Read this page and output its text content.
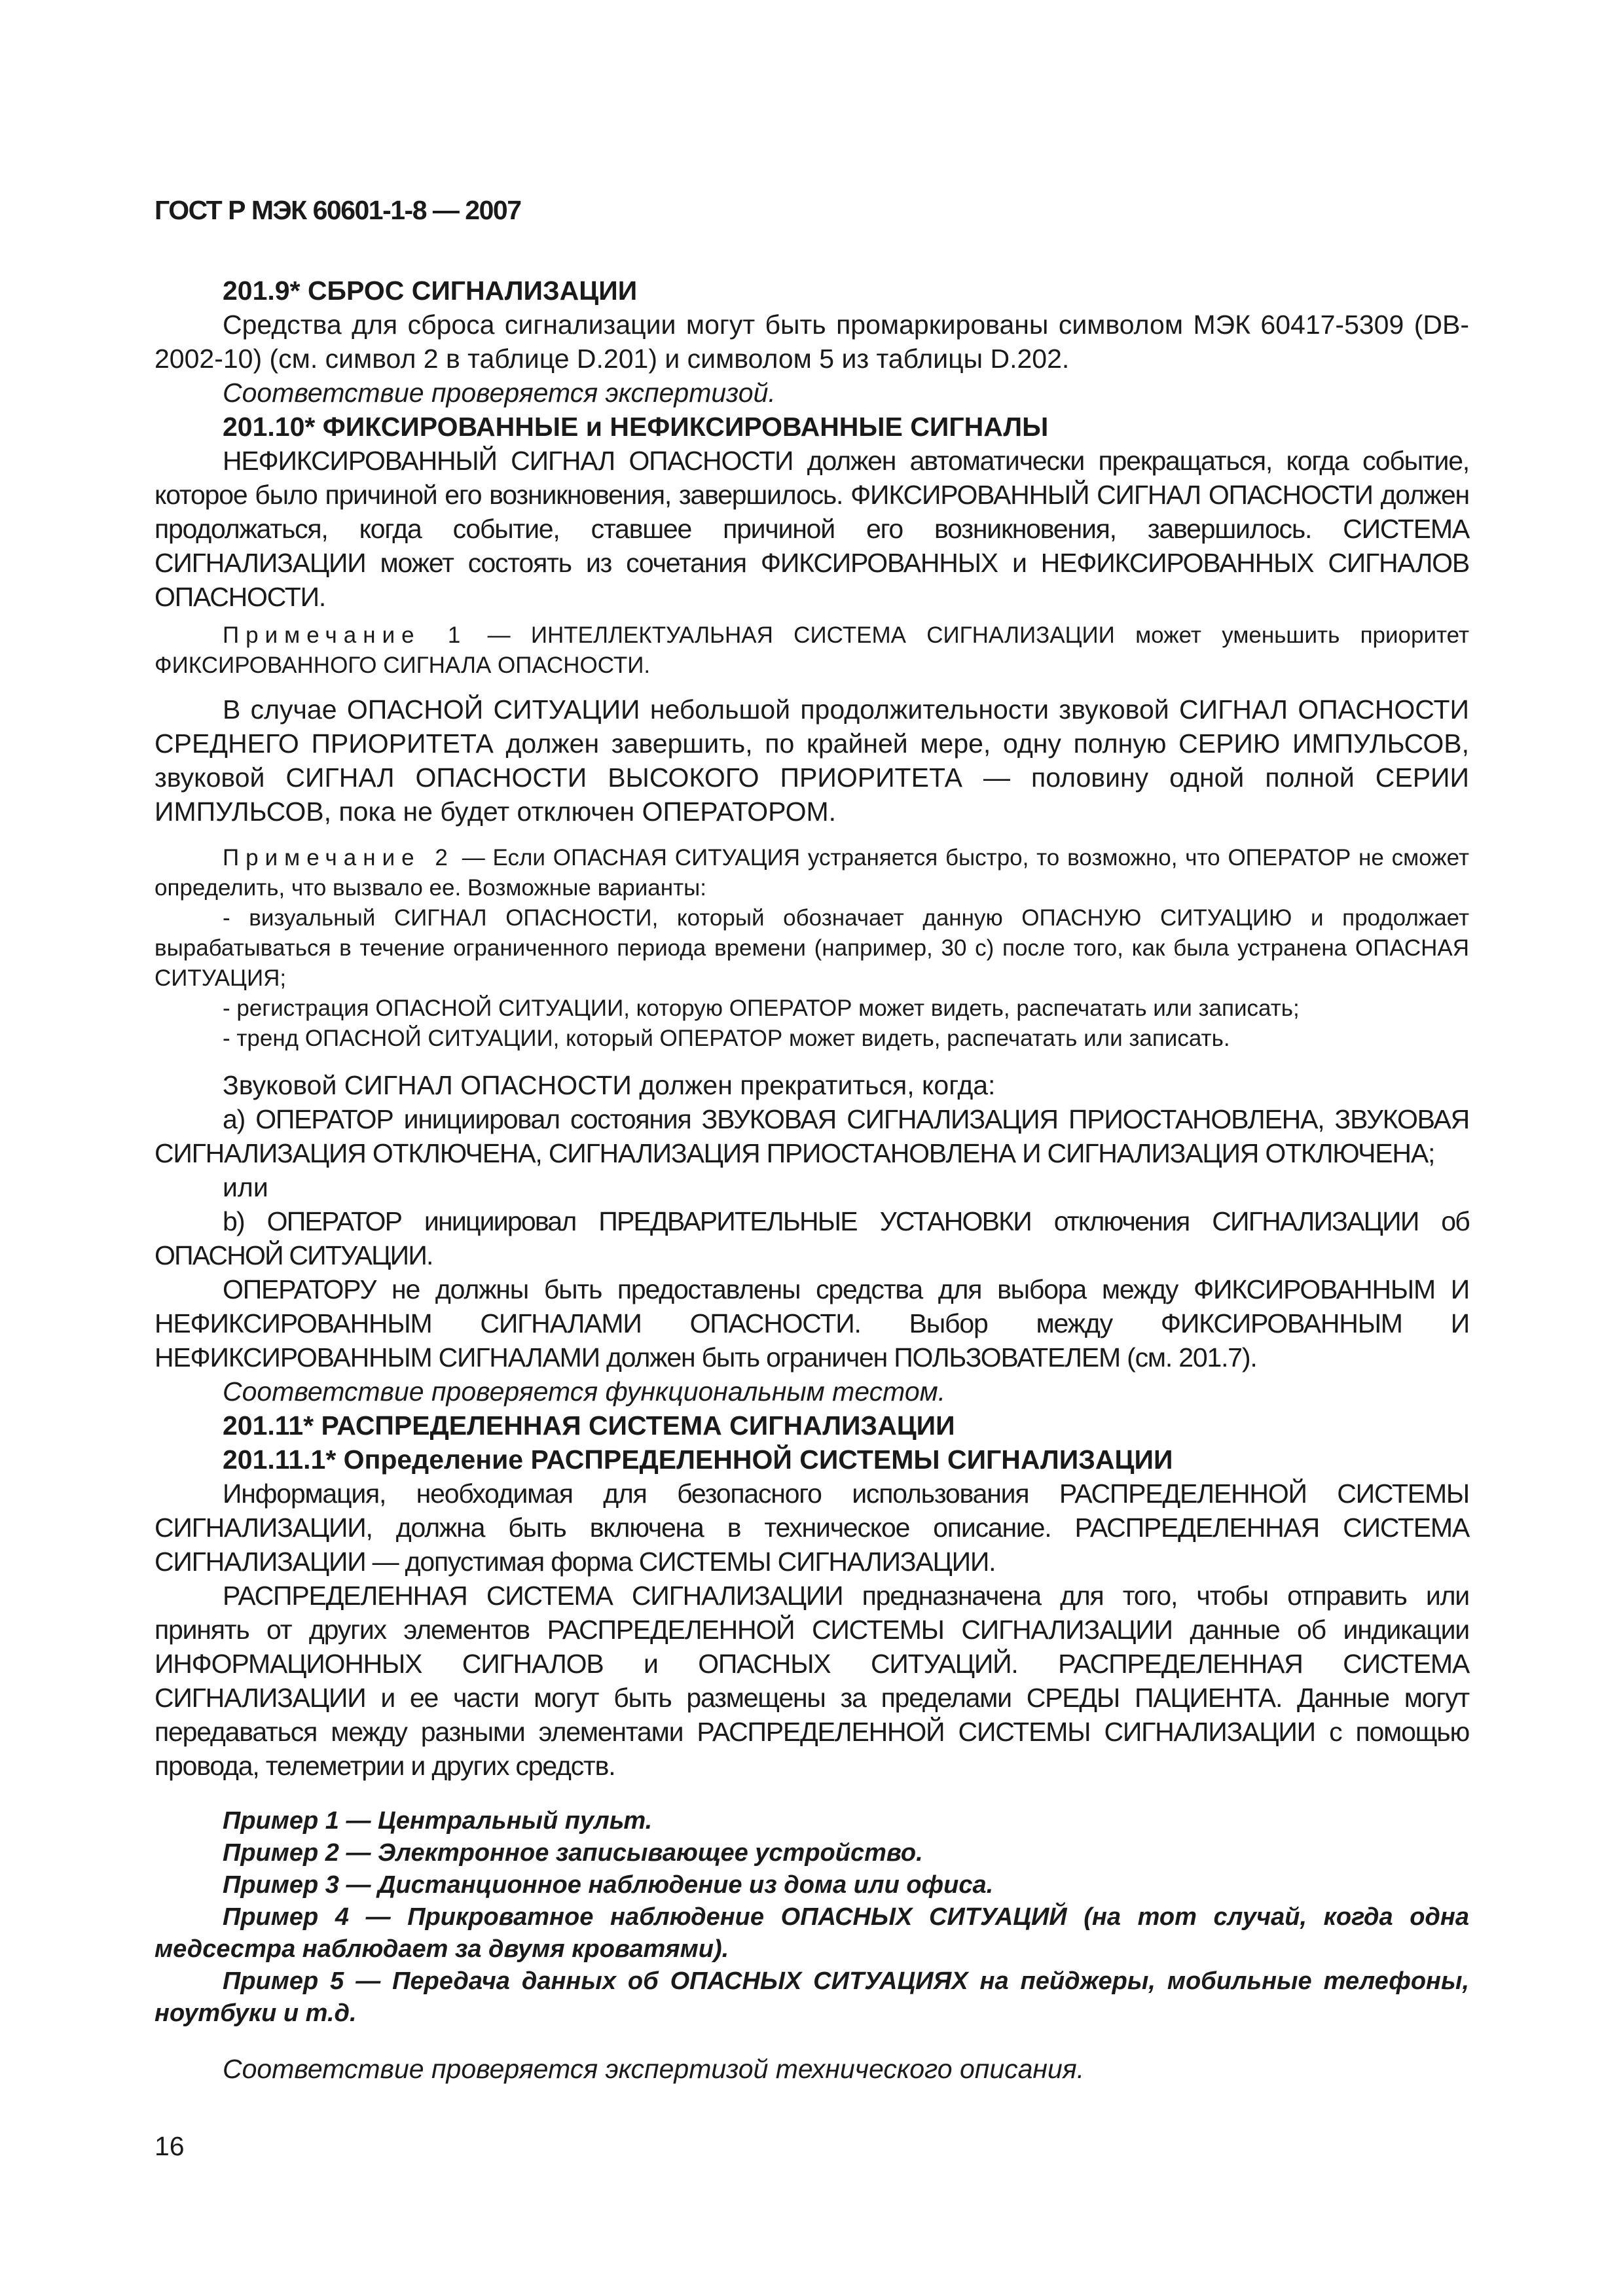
ГОСТ Р МЭК 60601-1-8 — 2007

201.9* СБРОС СИГНАЛИЗАЦИИ

Средства для сброса сигнализации могут быть промаркированы символом МЭК 60417-5309 (DB-2002-10) (см. символ 2 в таблице D.201) и символом 5 из таблицы D.202.

Соответствие проверяется экспертизой.

201.10* ФИКСИРОВАННЫЕ и НЕФИКСИРОВАННЫЕ СИГНАЛЫ

НЕФИКСИРОВАННЫЙ СИГНАЛ ОПАСНОСТИ должен автоматически прекращаться, когда событие, которое было причиной его возникновения, завершилось. ФИКСИРОВАННЫЙ СИГНАЛ ОПАСНОСТИ должен продолжаться, когда событие, ставшее причиной его возникновения, завершилось. СИСТЕМА СИГНАЛИЗАЦИИ может состоять из сочетания ФИКСИРОВАННЫХ и НЕФИКСИРОВАННЫХ СИГНАЛОВ ОПАСНОСТИ.

Примечание 1 — ИНТЕЛЛЕКТУАЛЬНАЯ СИСТЕМА СИГНАЛИЗАЦИИ может уменьшить приоритет ФИКСИРОВАННОГО СИГНАЛА ОПАСНОСТИ.

В случае ОПАСНОЙ СИТУАЦИИ небольшой продолжительности звуковой СИГНАЛ ОПАСНОСТИ СРЕДНЕГО ПРИОРИТЕТА должен завершить, по крайней мере, одну полную СЕРИЮ ИМПУЛЬСОВ, звуковой СИГНАЛ ОПАСНОСТИ ВЫСОКОГО ПРИОРИТЕТА — половину одной полной СЕРИИ ИМПУЛЬСОВ, пока не будет отключен ОПЕРАТОРОМ.

Примечание 2 — Если ОПАСНАЯ СИТУАЦИЯ устраняется быстро, то возможно, что ОПЕРАТОР не сможет определить, что вызвало ее. Возможные варианты:

- визуальный СИГНАЛ ОПАСНОСТИ, который обозначает данную ОПАСНУЮ СИТУАЦИЮ и продолжает вырабатываться в течение ограниченного периода времени (например, 30 с) после того, как была устранена ОПАСНАЯ СИТУАЦИЯ;

- регистрация ОПАСНОЙ СИТУАЦИИ, которую ОПЕРАТОР может видеть, распечатать или записать;

- тренд ОПАСНОЙ СИТУАЦИИ, который ОПЕРАТОР может видеть, распечатать или записать.

Звуковой СИГНАЛ ОПАСНОСТИ должен прекратиться, когда:

a) ОПЕРАТОР инициировал состояния ЗВУКОВАЯ СИГНАЛИЗАЦИЯ ПРИОСТАНОВЛЕНА, ЗВУКОВАЯ СИГНАЛИЗАЦИЯ ОТКЛЮЧЕНА, СИГНАЛИЗАЦИЯ ПРИОСТАНОВЛЕНА И СИГНАЛИЗАЦИЯ ОТКЛЮЧЕНА;

или

b) ОПЕРАТОР инициировал ПРЕДВАРИТЕЛЬНЫЕ УСТАНОВКИ отключения СИГНАЛИЗАЦИИ об ОПАСНОЙ СИТУАЦИИ.

ОПЕРАТОРУ не должны быть предоставлены средства для выбора между ФИКСИРОВАННЫМ И НЕФИКСИРОВАННЫМ СИГНАЛАМИ ОПАСНОСТИ. Выбор между ФИКСИРОВАННЫМ И НЕФИКСИРОВАННЫМ СИГНАЛАМИ должен быть ограничен ПОЛЬЗОВАТЕЛЕМ (см. 201.7).

Соответствие проверяется функциональным тестом.

201.11* РАСПРЕДЕЛЕННАЯ СИСТЕМА СИГНАЛИЗАЦИИ

201.11.1* Определение РАСПРЕДЕЛЕННОЙ СИСТЕМЫ СИГНАЛИЗАЦИИ

Информация, необходимая для безопасного использования РАСПРЕДЕЛЕННОЙ СИСТЕМЫ СИГНАЛИЗАЦИИ, должна быть включена в техническое описание. РАСПРЕДЕЛЕННАЯ СИСТЕМА СИГНАЛИЗАЦИИ — допустимая форма СИСТЕМЫ СИГНАЛИЗАЦИИ.

РАСПРЕДЕЛЕННАЯ СИСТЕМА СИГНАЛИЗАЦИИ предназначена для того, чтобы отправить или принять от других элементов РАСПРЕДЕЛЕННОЙ СИСТЕМЫ СИГНАЛИЗАЦИИ данные об индикации ИНФОРМАЦИОННЫХ СИГНАЛОВ и ОПАСНЫХ СИТУАЦИЙ. РАСПРЕДЕЛЕННАЯ СИСТЕМА СИГНАЛИЗАЦИИ и ее части могут быть размещены за пределами СРЕДЫ ПАЦИЕНТА. Данные могут передаваться между разными элементами РАСПРЕДЕЛЕННОЙ СИСТЕМЫ СИГНАЛИЗАЦИИ с помощью провода, телеметрии и других средств.

Пример 1 — Центральный пульт.

Пример 2 — Электронное записывающее устройство.

Пример 3 — Дистанционное наблюдение из дома или офиса.

Пример 4 — Прикроватное наблюдение ОПАСНЫХ СИТУАЦИЙ (на тот случай, когда одна медсестра наблюдает за двумя кроватями).

Пример 5 — Передача данных об ОПАСНЫХ СИТУАЦИЯХ на пейджеры, мобильные телефоны, ноутбуки и т.д.

Соответствие проверяется экспертизой технического описания.

16
